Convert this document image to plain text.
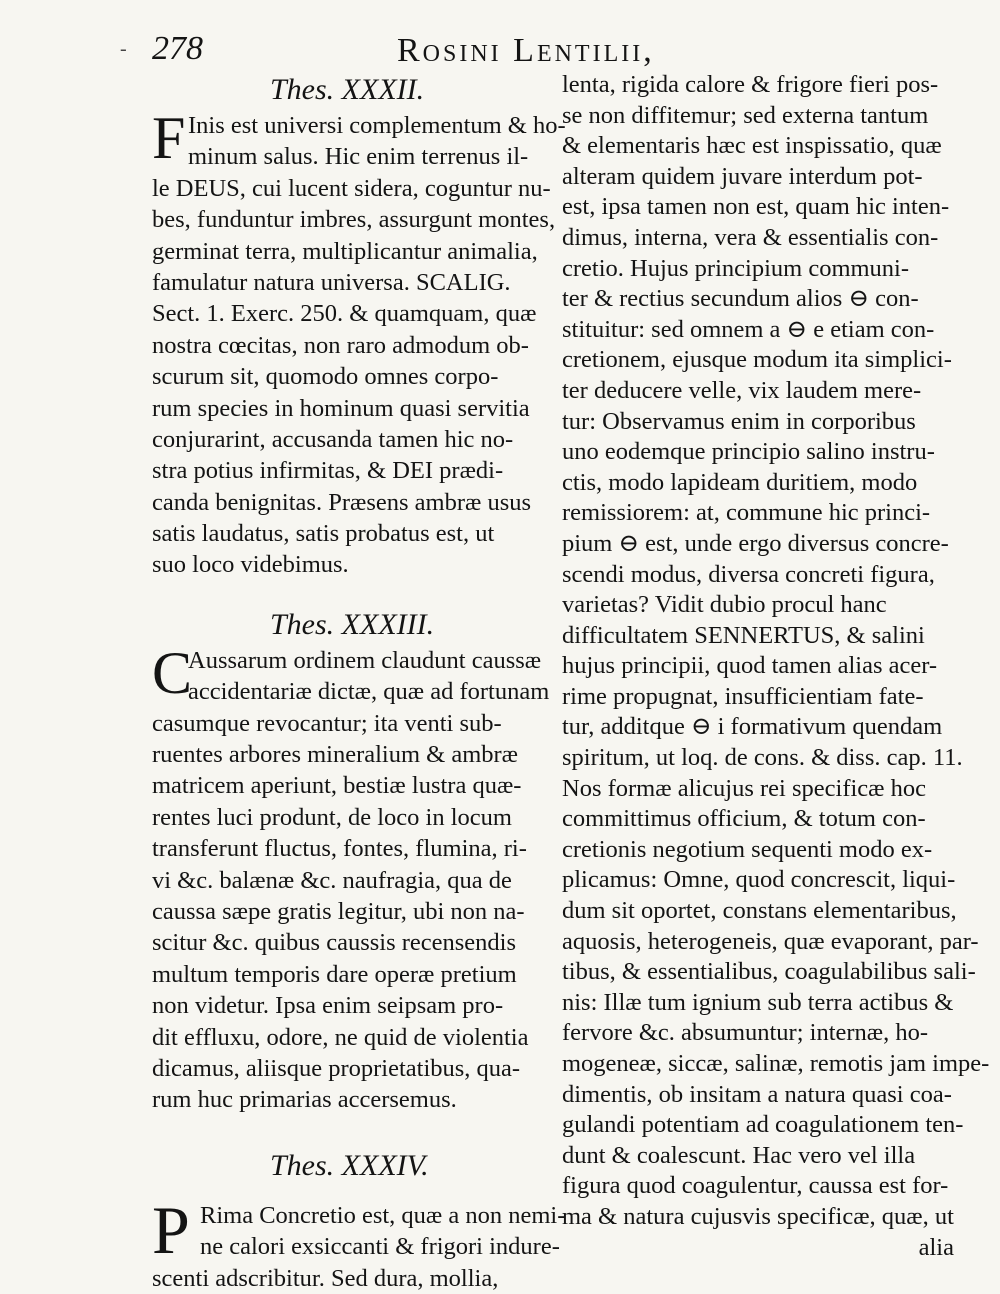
- 278	Rosini Lentilii,
Thes. XXXII.
F Inis est universi complementum & ho-
minum salus. Hic enim terrenus il-
le DEUS, cui lucent sidera, coguntur nu-
bes, funduntur imbres, assurgunt montes,
germinat terra, multiplicantur animalia,
famulatur natura universa. SCALIG.
Sect. 1. Exerc. 250. & quamquam, quæ
nostra cœcitas, non raro admodum ob-
scurum sit, quomodo omnes corpo-
rum species in hominum quasi servitia
conjurarint, accusanda tamen hic no-
stra potius infirmitas, & DEI prædi-
canda benignitas. Præsens ambræ usus
satis laudatus, satis probatus est, ut
suo loco videbimus.
Thes. XXXIII.
C
Aussarum ordinem claudunt caussæ
accidentariæ dictæ, quæ ad fortunam
casumque revocantur; ita venti sub-
ruentes arbores mineralium & ambræ
matricem aperiunt, bestiæ lustra quæ-
rentes luci produnt, de loco in locum
transferunt fluctus, fontes, flumina, ri-
vi &c. balænæ &c. naufragia, qua de
caussa sæpe gratis legitur, ubi non na-
scitur &c. quibus caussis recensendis
multum temporis dare operæ pretium
non videtur. Ipsa enim seipsam pro-
dit effluxu, odore, ne quid de violentia
dicamus, aliisque proprietatibus, qua-
rum huc primarias accersemus.
Thes. XXXIV.
P Rima Concretio est, quæ a non nemi-
ne calori exsiccanti & frigori indure-
scenti adscribitur. Sed dura, mollia,
lenta, rigida calore & frigore fieri pos-
se non diffitemur; sed externa tantum
& elementaris hæc est inspissatio, quæ
alteram quidem juvare interdum pot-
est, ipsa tamen non est, quam hic inten-
dimus, interna, vera & essentialis con-
cretio. Hujus principium communi-
ter & rectius secundum alios ⊖ con-
stituitur: sed omnem a ⊖ e etiam con-
cretionem, ejusque modum ita simplici-
ter deducere velle, vix laudem mere-
tur: Observamus enim in corporibus
uno eodemque principio salino instru-
ctis, modo lapideam duritiem, modo
remissiorem: at, commune hic princi-
pium ⊖ est, unde ergo diversus concre-
scendi modus, diversa concreti figura,
varietas? Vidit dubio procul hanc
difficultatem SENNERTUS, & salini
hujus principii, quod tamen alias acer-
rime propugnat, insufficientiam fate-
tur, additque ⊖ i formativum quendam
spiritum, ut loq. de cons. & diss. cap. 11.
Nos formæ alicujus rei specificæ hoc
committimus officium, & totum con-
cretionis negotium sequenti modo ex-
plicamus: Omne, quod concrescit, liqui-
dum sit oportet, constans elementaribus,
aquosis, heterogeneis, quæ evaporant, par-
tibus, & essentialibus, coagulabilibus sali-
nis: Illæ tum ignium sub terra actibus &
fervore &c. absumuntur; internæ, ho-
mogeneæ, siccæ, salinæ, remotis jam impe-
dimentis, ob insitam a natura quasi coa-
gulandi potentiam ad coagulationem ten-
dunt & coalescunt. Hac vero vel illa
figura quod coagulentur, caussa est for-
ma & natura cujusvis specificæ, quæ, ut
alia
